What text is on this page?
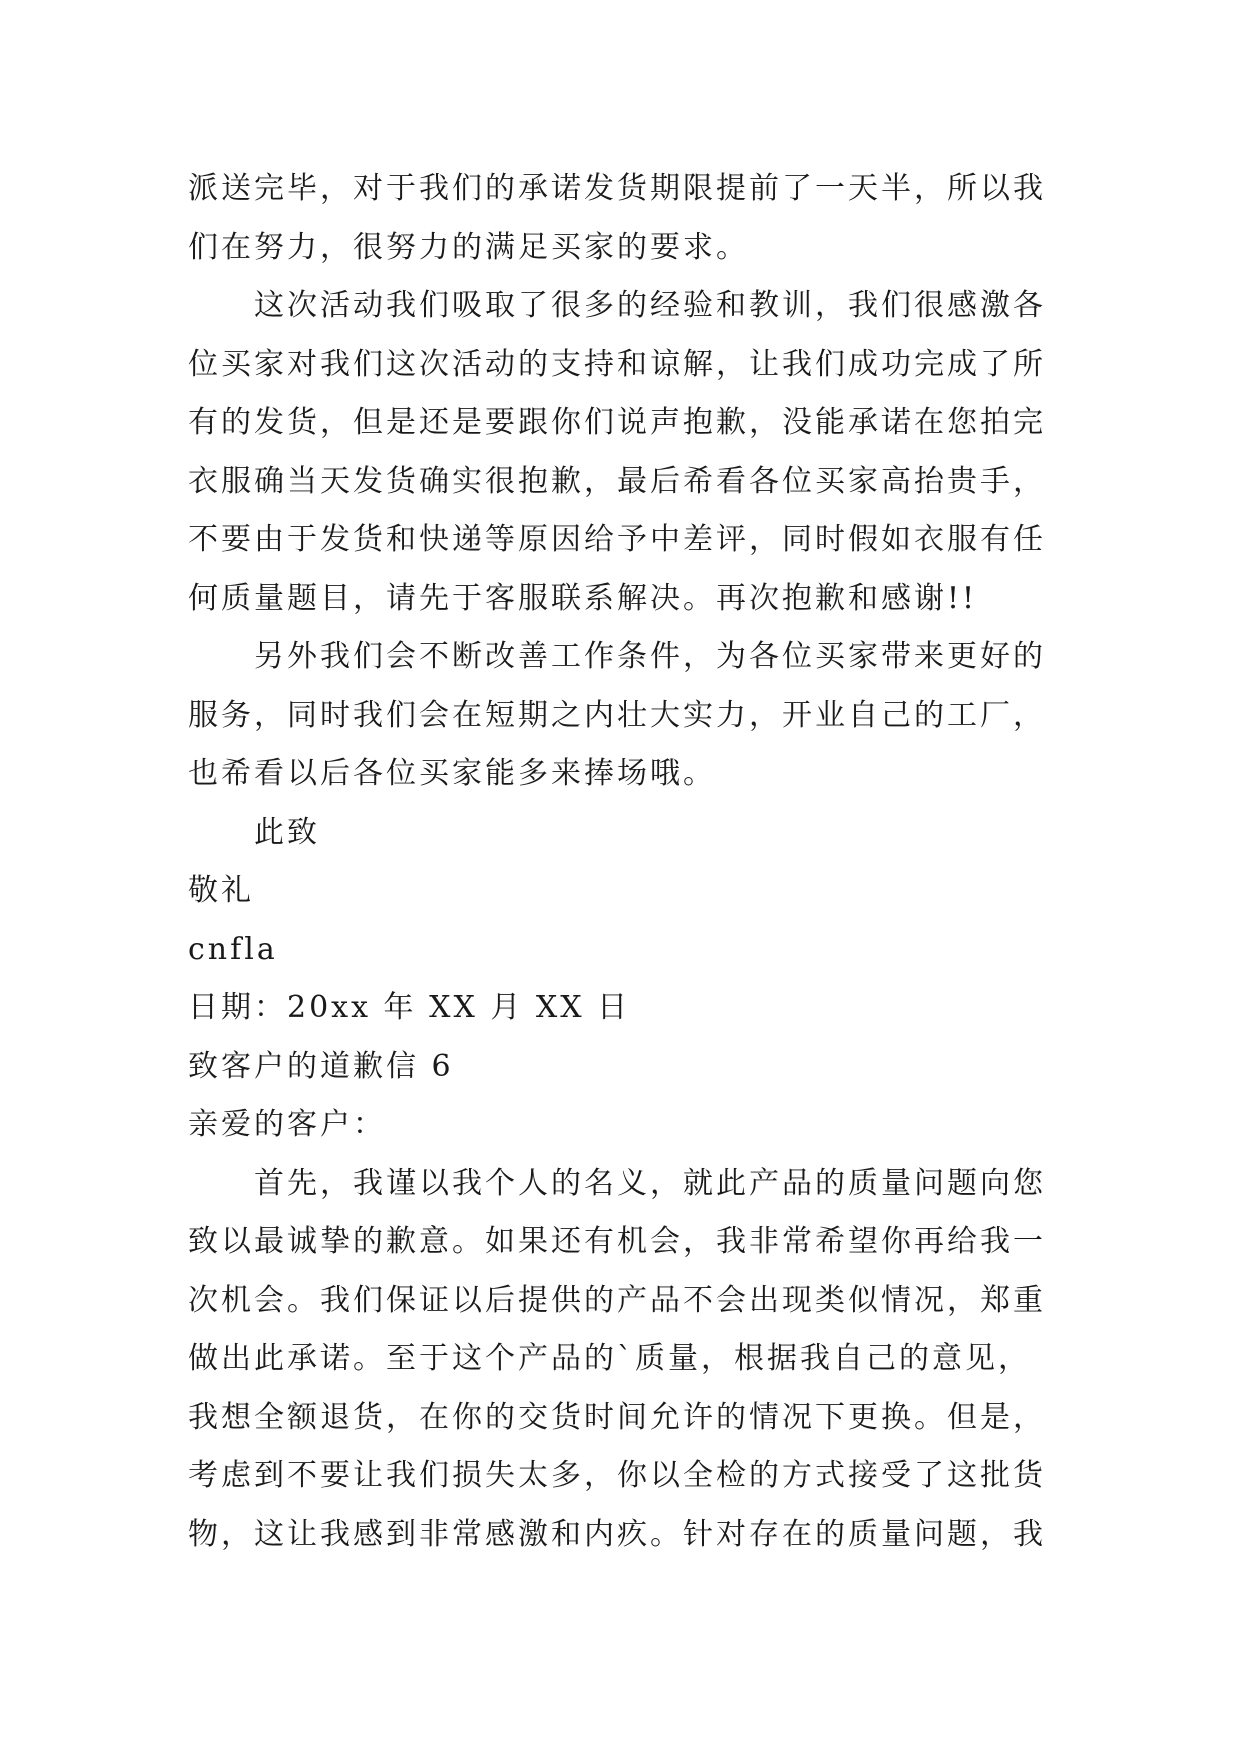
派送完毕，对于我们的承诺发货期限提前了一天半，所以我
们在努力，很努力的满足买家的要求。
这次活动我们吸取了很多的经验和教训，我们很感激各
位买家对我们这次活动的支持和谅解，让我们成功完成了所
有的发货，但是还是要跟你们说声抱歉，没能承诺在您拍完
衣服确当天发货确实很抱歉，最后希看各位买家高抬贵手，
不要由于发货和快递等原因给予中差评，同时假如衣服有任
何质量题目，请先于客服联系解决。再次抱歉和感谢!!
另外我们会不断改善工作条件，为各位买家带来更好的
服务，同时我们会在短期之内壮大实力，开业自己的工厂，
也希看以后各位买家能多来捧场哦。
此致
敬礼
cnfla
日期：20xx 年 XX 月 XX 日
致客户的道歉信 6
亲爱的客户：
首先，我谨以我个人的名义，就此产品的质量问题向您
致以最诚挚的歉意。如果还有机会，我非常希望你再给我一
次机会。我们保证以后提供的产品不会出现类似情况，郑重
做出此承诺。至于这个产品的`质量，根据我自己的意见，
我想全额退货，在你的交货时间允许的情况下更换。但是，
考虑到不要让我们损失太多，你以全检的方式接受了这批货
物，这让我感到非常感激和内疚。针对存在的质量问题，我
